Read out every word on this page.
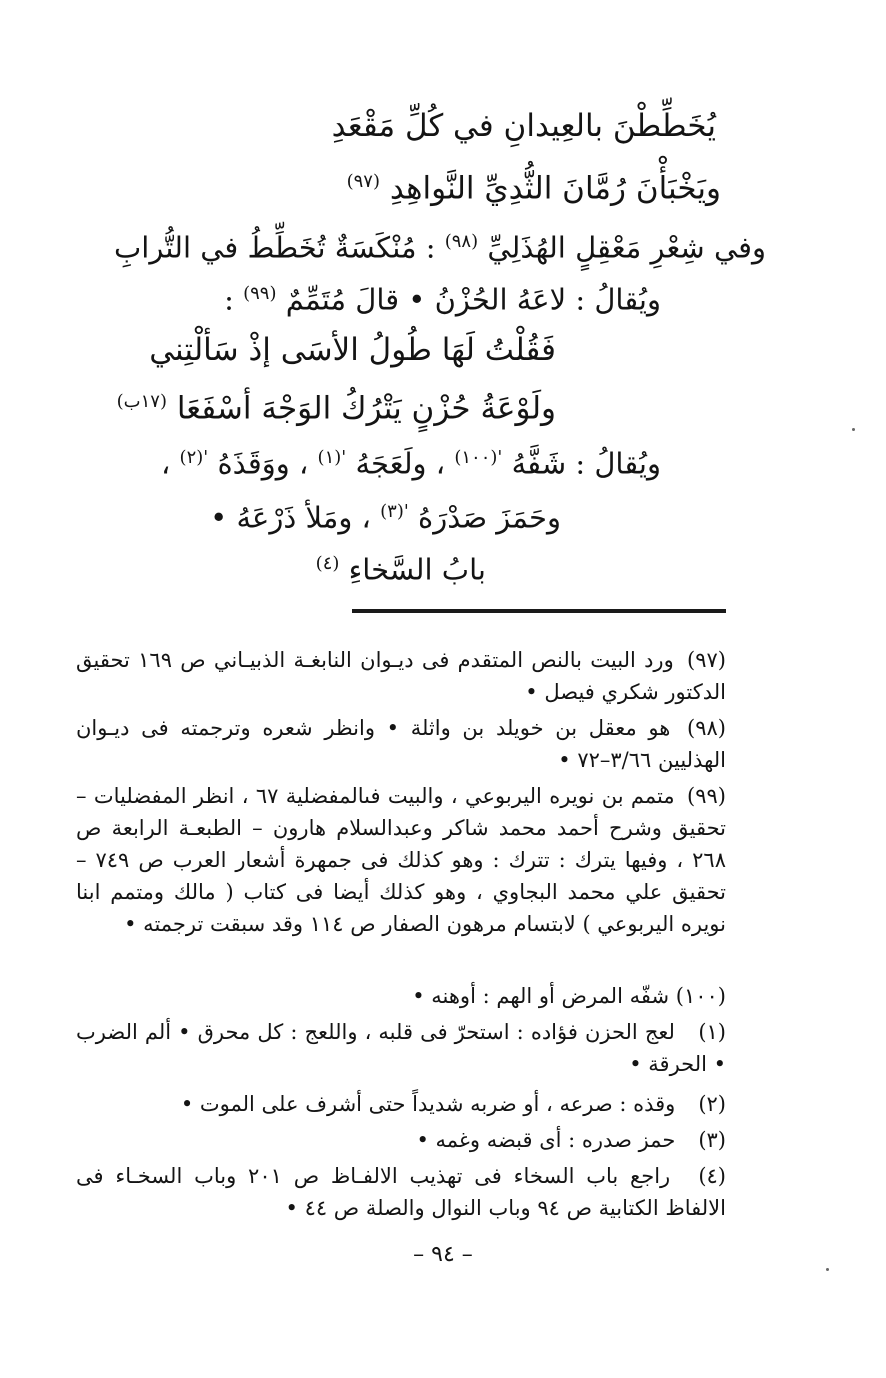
يُخَطِّطْنَ بالعِيدانِ في كُلِّ مَقْعَدِ
ويَخْبَأْنَ رُمَّانَ الثُّدِيِّ النَّواهِدِ $^{(٩٧)}$
وفي شِعْرِ مَعْقِلٍ الهُذَلِيِّ $^{(٩٨)}$ : مُنْكَسَةٌ تُخَطِّطُ في التُّرابِ
ويُقالُ : لاعَهُ الحُزْنُ • قالَ مُتَمِّمٌ $^{(٩٩)}$ :
فَقُلْتُ لَهَا طُولُ الأسَى إذْ سَألْتِني
ولَوْعَةُ حُزْنٍ يَتْرُكُ الوَجْهَ أسْفَعَا $^{(١٧ب)}$
ويُقالُ : شَفَّهُ $^{'(١٠٠)}$ ، ولَعَجَهُ $^{'(١)}$ ، ووَقَذَهُ $^{'(٢)}$ ،
وحَمَزَ صَدْرَهُ $^{'(٣)}$ ، ومَلأ ذَرْعَهُ •
بابُ السَّخاءِ $^{(٤)}$
(٩٧) ورد البيت بالنص المتقدم فى ديـوان النابغـة الذبيـاني ص ١٦٩ تحقيق الدكتور شكري فيصل •
(٩٨) هو معقل بن خويلد بن واثلة • وانظر شعره وترجمته فى ديـوان الهذليين ٣/٦٦–٧٢ •
(٩٩) متمم بن نويره اليربوعي ، والبيت فىالمفضلية ٦٧ ، انظر المفضليات – تحقيق وشرح أحمد محمد شاكر وعبدالسلام هارون – الطبعـة الرابعة ص ٢٦٨ ، وفيها يترك : تترك : وهو كذلك فى جمهرة أشعار العرب ص ٧٤٩ – تحقيق علي محمد البجاوي ، وهو كذلك أيضا فى كتاب ( مالك ومتمم ابنا نويره اليربوعي ) لابتسام مرهون الصفار ص ١١٤ وقد سبقت ترجمته •
(١٠٠) شفّه المرض أو الهم : أوهنه •
(١) لعج الحزن فؤاده : استحرّ فى قلبه ، واللعج : كل محرق • ألم الضرب • الحرقة •
(٢) وقذه : صرعه ، أو ضربه شديداً حتى أشرف على الموت •
(٣) حمز صدره : أى قبضه وغمه •
(٤) راجع باب السخاء فى تهذيب الالفـاظ ص ٢٠١ وباب السخـاء فى الالفاظ الكتابية ص ٩٤ وباب النوال والصلة ص ٤٤ •
– ٩٤ –
